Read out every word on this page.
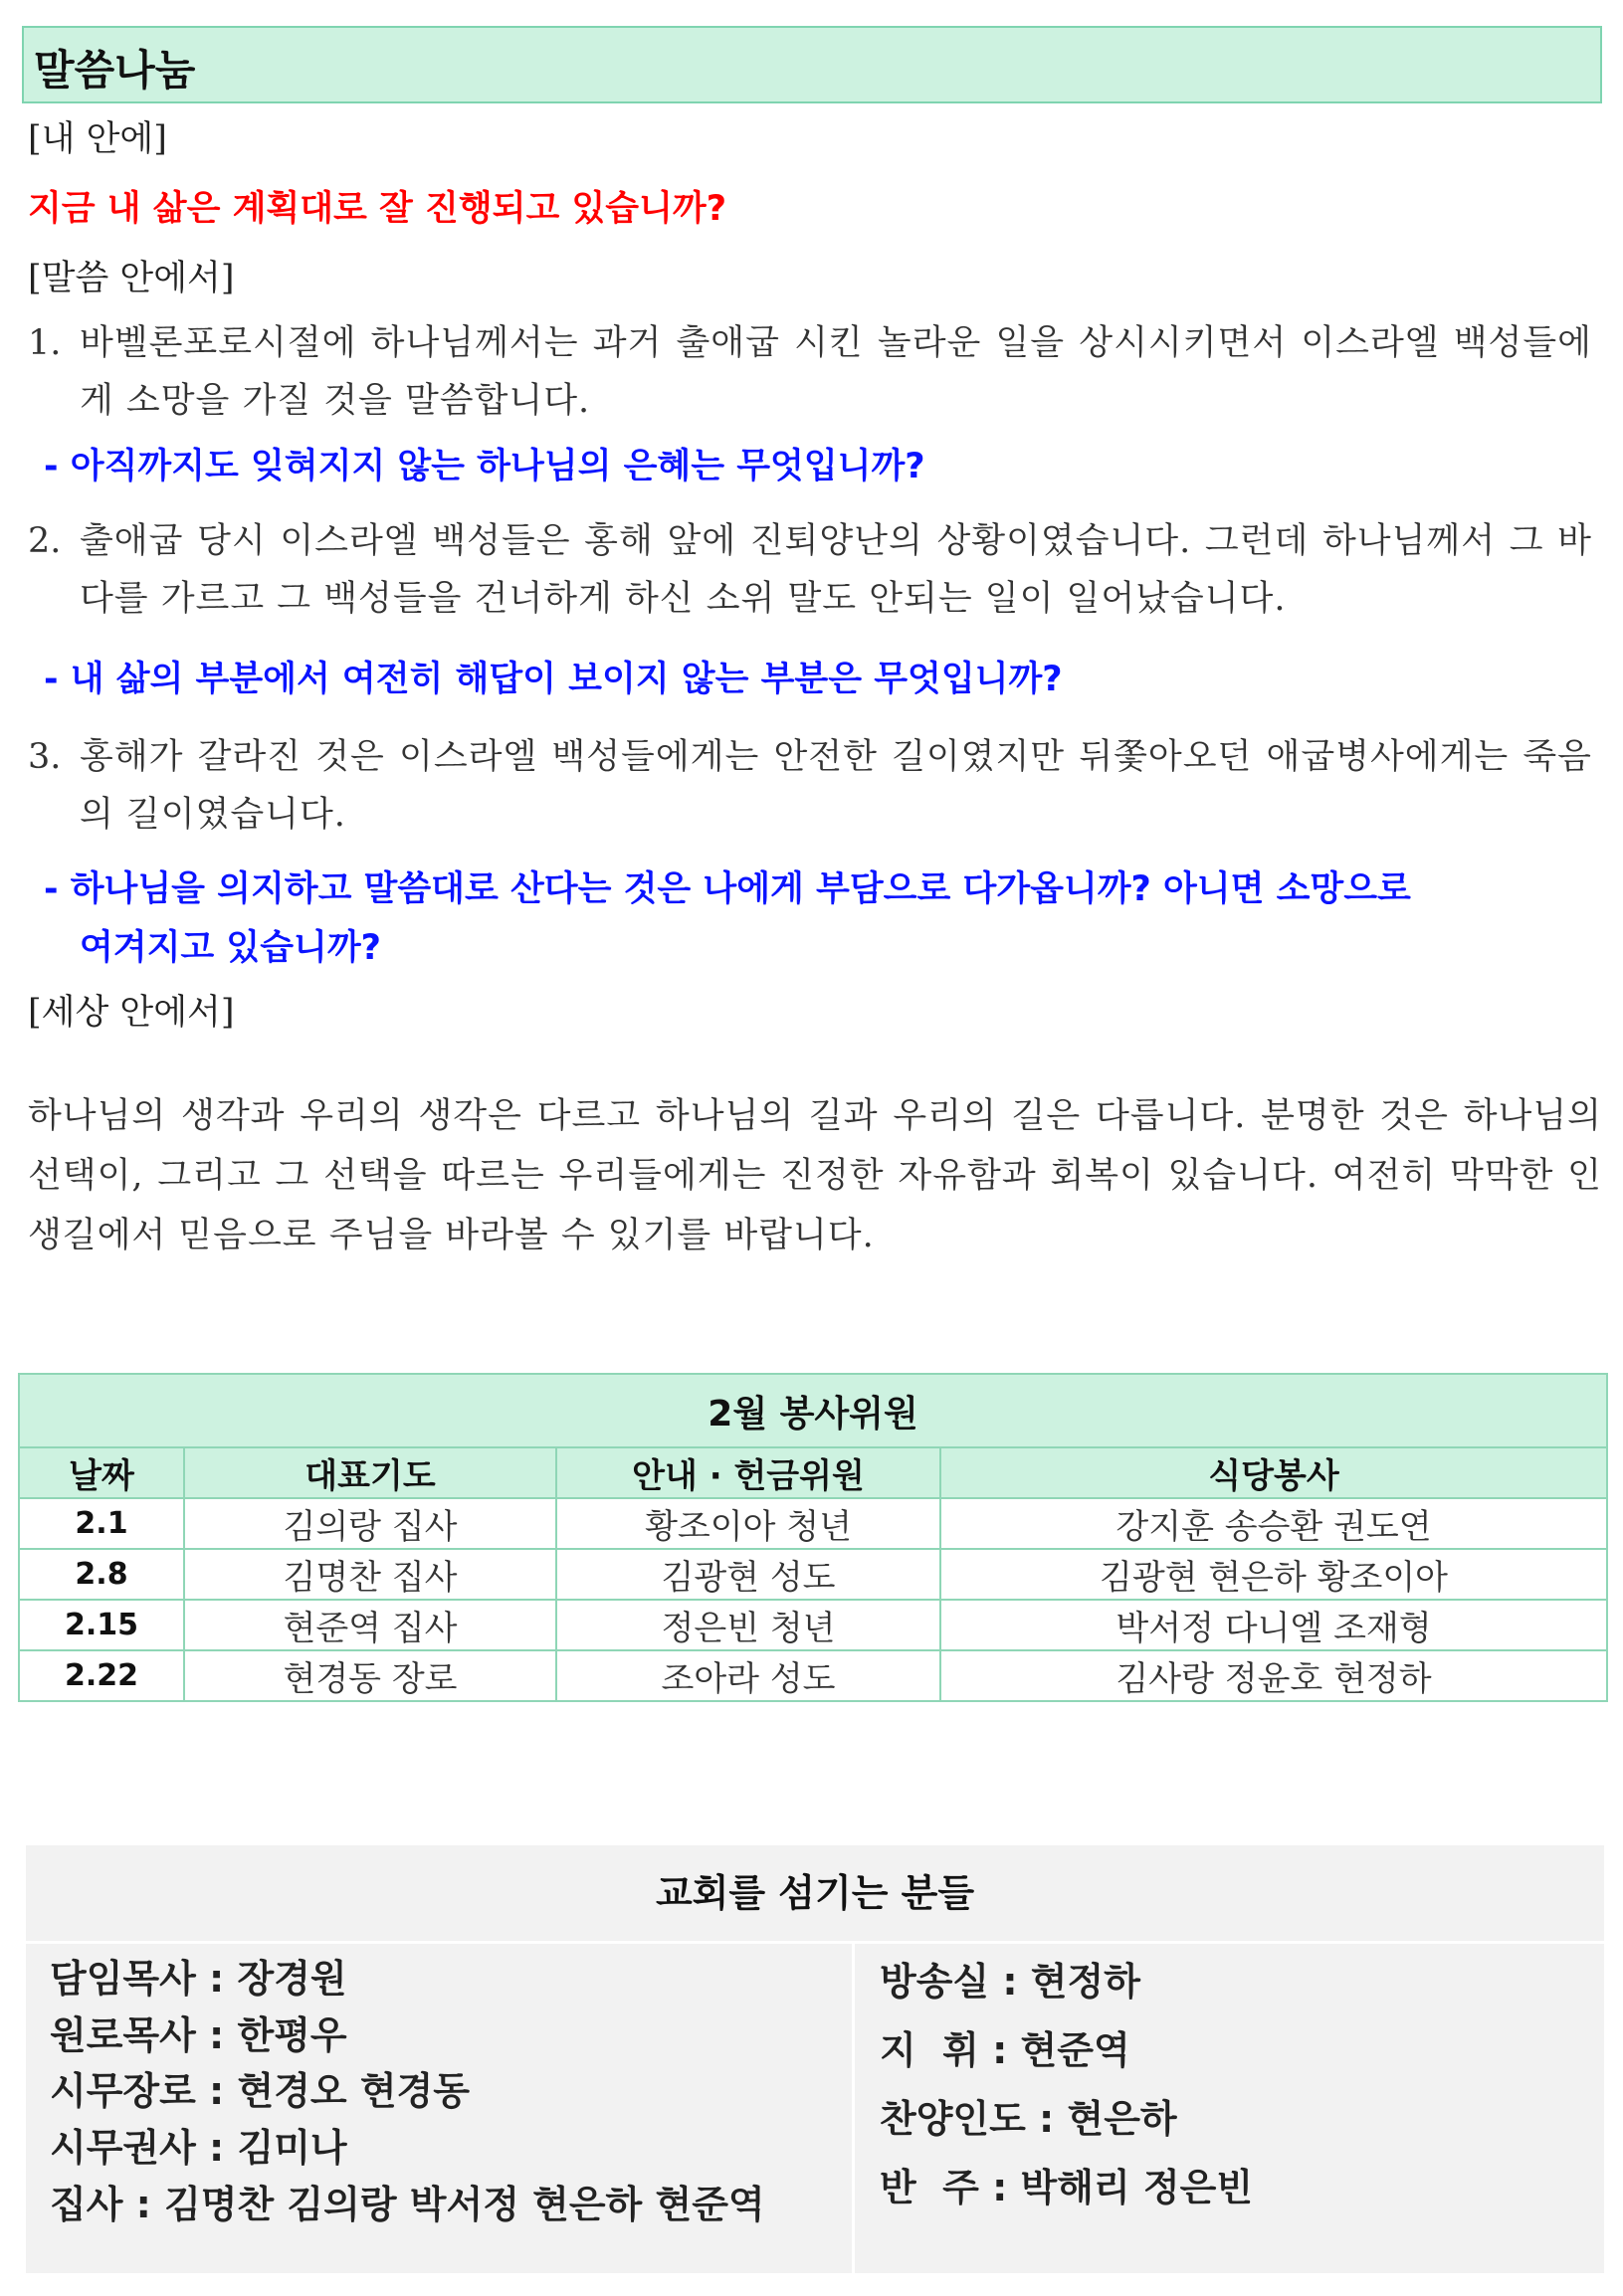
말씀나눔
[내 안에]
지금 내 삶은 계획대로 잘 진행되고 있습니까?
[말씀 안에서]
1. 바벨론포로시절에 하나님께서는 과거 출애굽 시킨 놀라운 일을 상시시키면서 이스라엘 백성들에게 소망을 가질 것을 말씀합니다.
- 아직까지도 잊혀지지 않는 하나님의 은혜는 무엇입니까?
2. 출애굽 당시 이스라엘 백성들은 홍해 앞에 진퇴양난의 상황이였습니다. 그런데 하나님께서 그 바다를 가르고 그 백성들을 건너하게 하신 소위 말도 안되는 일이 일어났습니다.
- 내 삶의 부분에서 여전히 해답이 보이지 않는 부분은 무엇입니까?
3. 홍해가 갈라진 것은 이스라엘 백성들에게는 안전한 길이였지만 뒤쫓아오던 애굽병사에게는 죽음의 길이였습니다.
- 하나님을 의지하고 말씀대로 산다는 것은 나에게 부담으로 다가옵니까? 아니면 소망으로
여겨지고 있습니까?
[세상 안에서]
하나님의 생각과 우리의 생각은 다르고 하나님의 길과 우리의 길은 다릅니다. 분명한 것은 하나님의 선택이, 그리고 그 선택을 따르는 우리들에게는 진정한 자유함과 회복이 있습니다. 여전히 막막한 인생길에서 믿음으로 주님을 바라볼 수 있기를 바랍니다.
2월 봉사위원			
날짜	대표기도	안내 · 헌금위원	식당봉사
2.1	김의랑 집사	황조이아 청년	강지훈 송승환 권도연
2.8	김명찬 집사	김광현 성도	김광현 현은하 황조이아
2.15	현준역 집사	정은빈 청년	박서정 다니엘 조재형
2.22	현경동 장로	조아라 성도	김사랑 정윤호 현정하
교회를 섬기는 분들
담임목사 : 장경원
원로목사 : 한평우
시무장로 : 현경오 현경동
시무권사 : 김미나
집사 : 김명찬 김의랑 박서정 현은하 현준역
방송실 : 현정하
지  휘 : 현준역
찬양인도 : 현은하
반  주 : 박해리 정은빈
